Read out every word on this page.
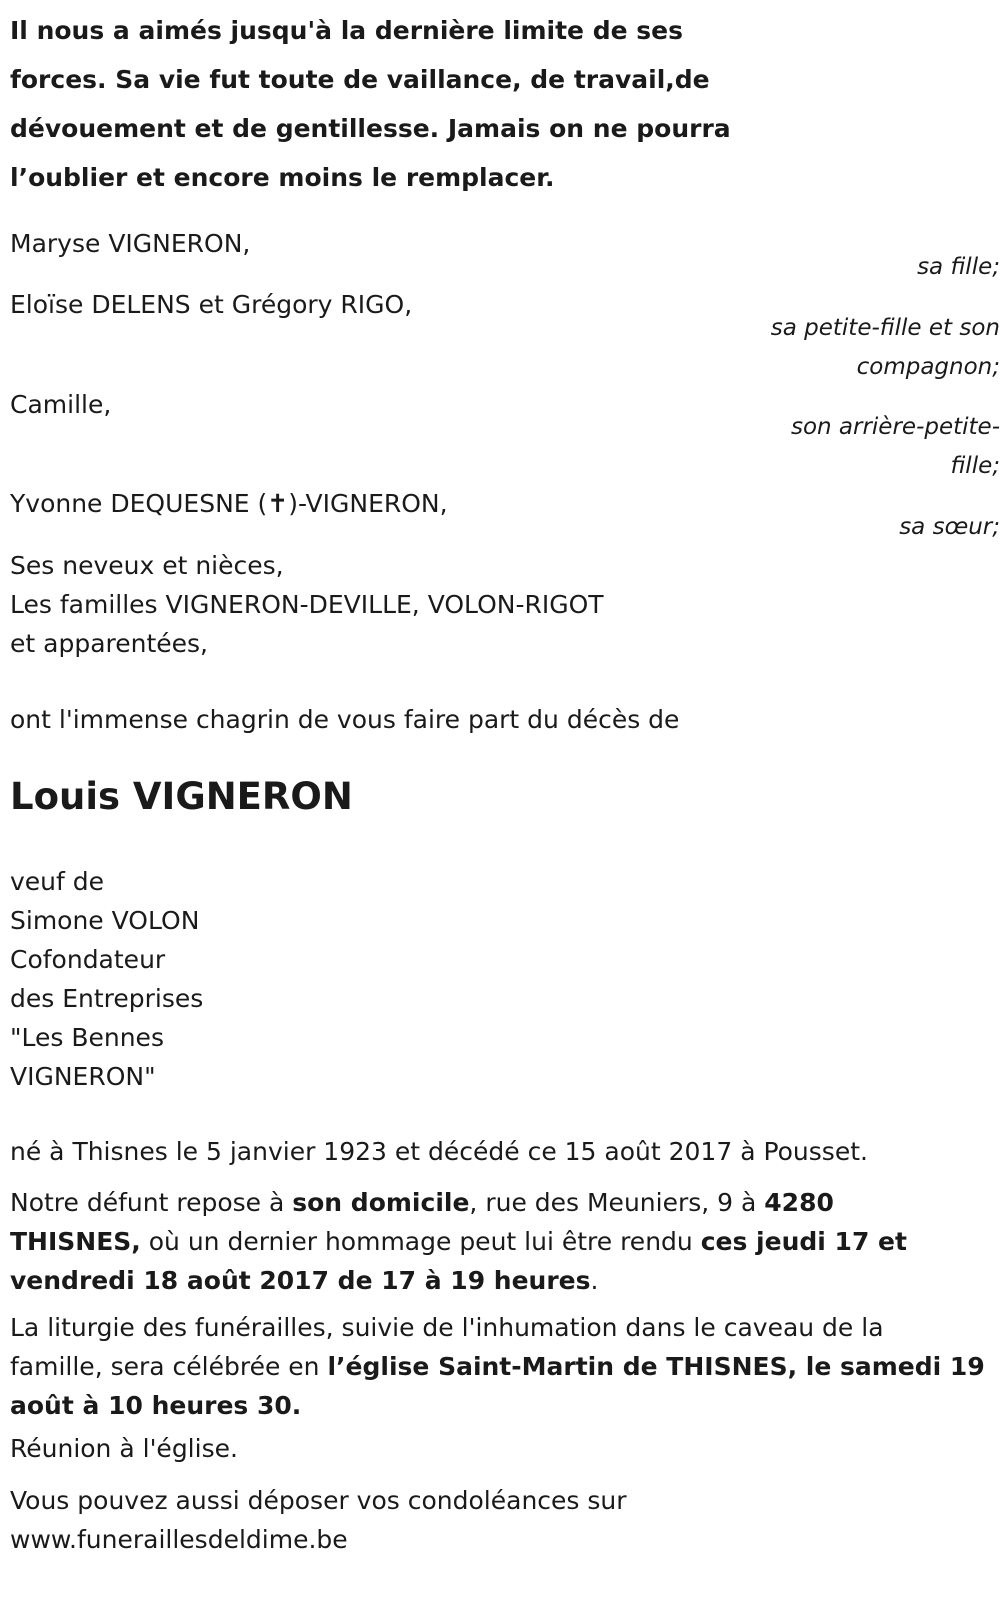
Il nous a aimés jusqu'à la dernière limite de ses

forces. Sa vie fut toute de vaillance, de travail,de

dévouement et de gentillesse. Jamais on ne pourra

l’oublier et encore moins le remplacer.

Maryse VIGNERON,
Eloïse DELENS et Grégory RIGO,
Camille,
Yvonne DEQUESNE (✝)-VIGNERON,
sa fille;
sa petite-fille et son
compagnon;
son arrière-petite-
fille;
sa sœur;
Ses neveux et nièces,
Les familles VIGNERON-DEVILLE, VOLON-RIGOT
et apparentées,
ont l'immense chagrin de vous faire part du décès de
Louis VIGNERON
veuf de
Simone VOLON
Cofondateur
des Entreprises
"Les Bennes
VIGNERON"
né à Thisnes le 5 janvier 1923 et décédé ce 15 août 2017 à Pousset.
Notre défunt repose à son domicile, rue des Meuniers, 9 à 4280
THISNES, où un dernier hommage peut lui être rendu ces jeudi 17 et
vendredi 18 août 2017 de 17 à 19 heures.
La liturgie des funérailles, suivie de l'inhumation dans le caveau de la
famille, sera célébrée en l’église Saint-Martin de THISNES, le samedi 19
août à 10 heures 30.
Réunion à l'église.
Vous pouvez aussi déposer vos condoléances sur
www.funeraillesdeldime.be
